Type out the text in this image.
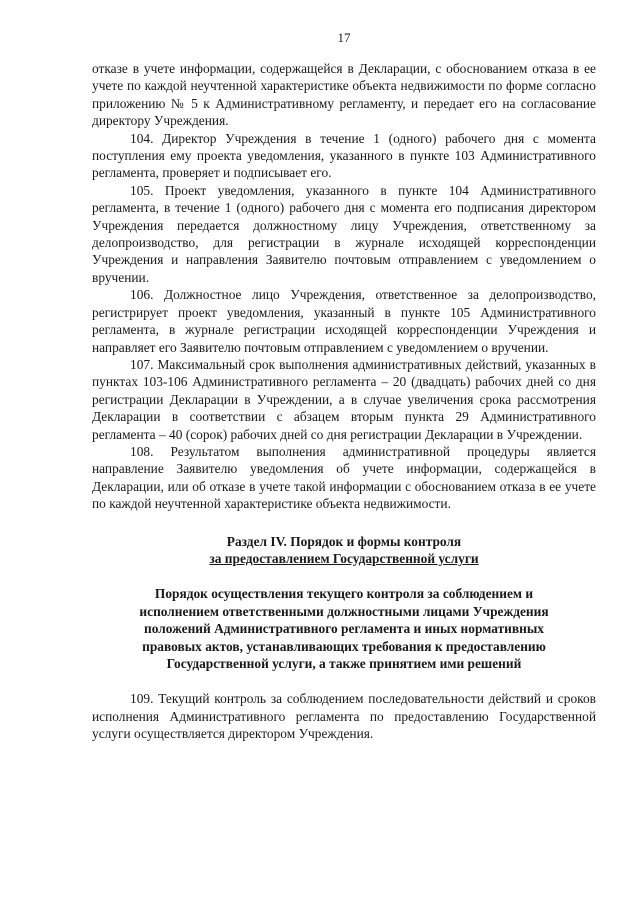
17

отказе в учете информации, содержащейся в Декларации, с обоснованием отказа в ее учете по каждой неучтенной характеристике объекта недвижимости по форме согласно приложению № 5 к Административному регламенту, и передает его на согласование директору Учреждения.

104. Директор Учреждения в течение 1 (одного) рабочего дня с момента поступления ему проекта уведомления, указанного в пункте 103 Административного регламента, проверяет и подписывает его.

105. Проект уведомления, указанного в пункте 104 Административного регламента, в течение 1 (одного) рабочего дня с момента его подписания директором Учреждения передается должностному лицу Учреждения, ответственному за делопроизводство, для регистрации в журнале исходящей корреспонденции Учреждения и направления Заявителю почтовым отправлением с уведомлением о вручении.

106. Должностное лицо Учреждения, ответственное за делопроизводство, регистрирует проект уведомления, указанный в пункте 105 Административного регламента, в журнале регистрации исходящей корреспонденции Учреждения и направляет его Заявителю почтовым отправлением с уведомлением о вручении.

107. Максимальный срок выполнения административных действий, указанных в пунктах 103-106 Административного регламента – 20 (двадцать) рабочих дней со дня регистрации Декларации в Учреждении, а в случае увеличения срока рассмотрения Декларации в соответствии с абзацем вторым пункта 29 Административного регламента – 40 (сорок) рабочих дней со дня регистрации Декларации в Учреждении.

108. Результатом выполнения административной процедуры является направление Заявителю уведомления об учете информации, содержащейся в Декларации, или об отказе в учете такой информации с обоснованием отказа в ее учете по каждой неучтенной характеристике объекта недвижимости.

Раздел IV. Порядок и формы контроля
за предоставлением Государственной услуги
Порядок осуществления текущего контроля за соблюдением и
исполнением ответственными должностными лицами Учреждения
положений Административного регламента и иных нормативных
правовых актов, устанавливающих требования к предоставлению
Государственной услуги, а также принятием ими решений

109. Текущий контроль за соблюдением последовательности действий и сроков исполнения Административного регламента по предоставлению Государственной услуги осуществляется директором Учреждения.
